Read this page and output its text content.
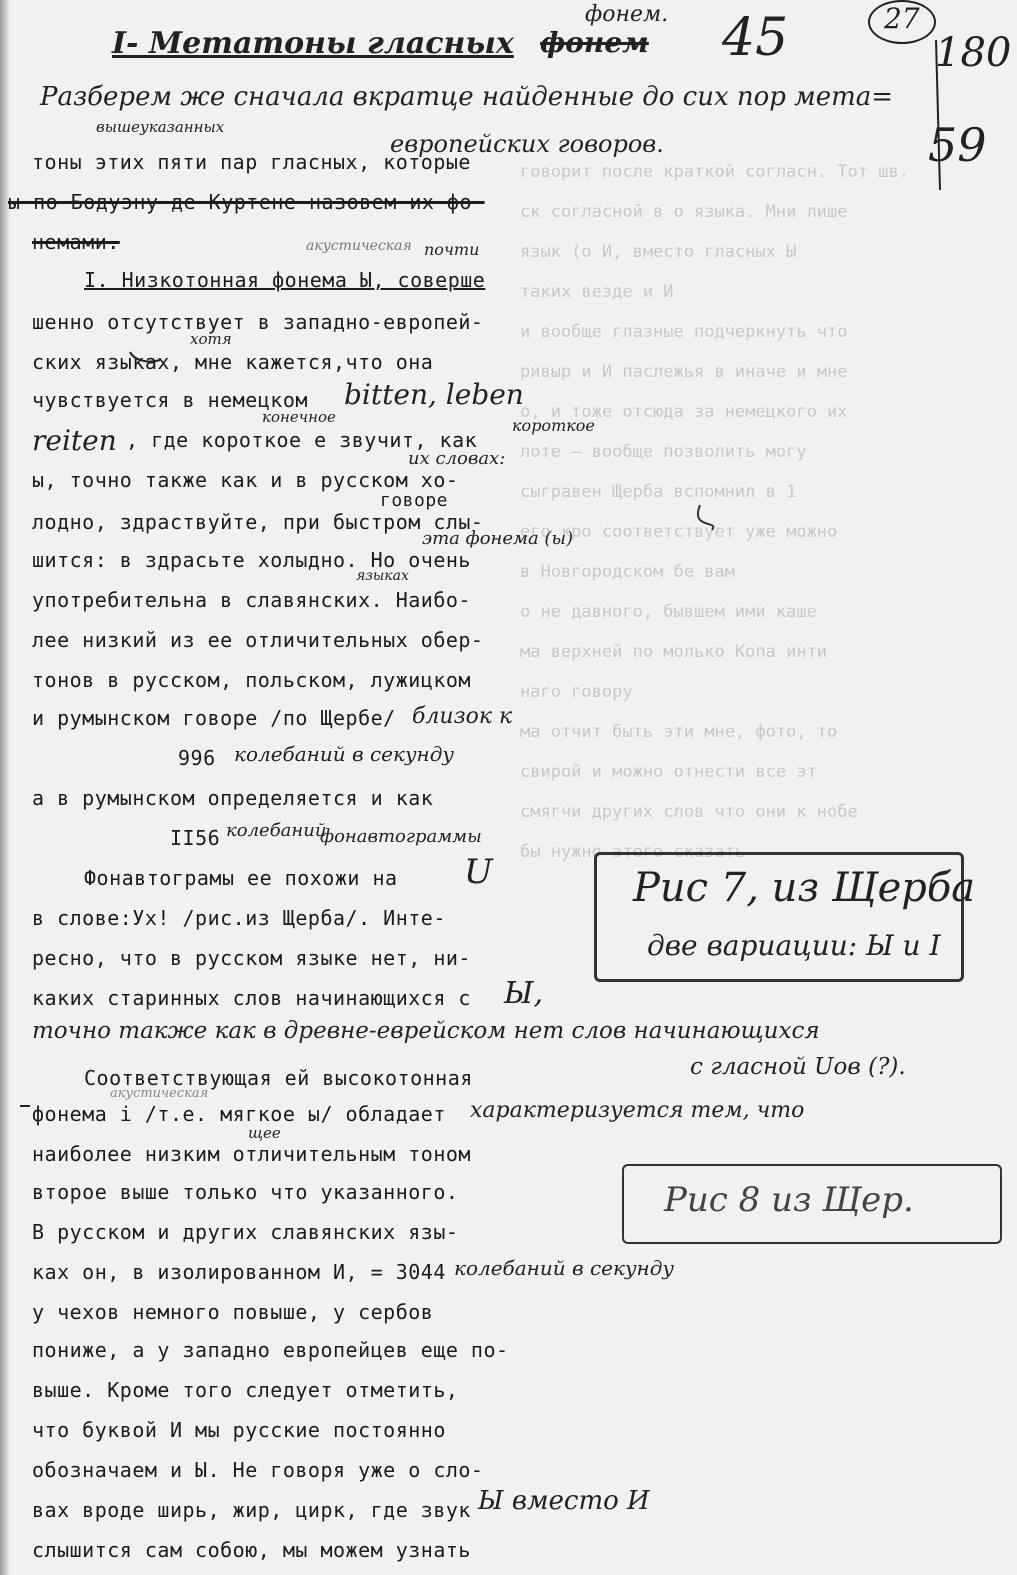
говорит после краткой согласн. Тот шв.
ск согласной в о языка. Мни лише
язык (о И, вместо гласных Ы
таких везде и И
и вообще глазные подчеркнуть что
ривыр и И паслежья в иначе и мне
о, и тоже отсюда за немецкого их
лоте — вообще позволить могу
сыгравен Щерба вспомнил в 1
его кро соответствует уже можно
в Новгородском бе вам
о не давного, бывшем ими каше
ма верхней по молько Копа инти
наго говору
ма отчит быть эти мне, фото, то
свирой и можно отнести все эт
смягчи других слов что они к нобе
бы нужно этого сказать
45	27
180
59
I- Метатоны гласных фонем
фонем.
Разберем же сначала вкратце найденные до сих пор мета=
вышеуказанных
европейских говоров.
тоны этих пяти пар гласных, которые
ы по Бодуэну де Куртене назовем их фо-
немами.
I. Низкотонная фонема Ы, соверше
акустическая почти
шенно отсутствует в западно-европей-
хотя
ских языках, мне кажется,что она
чувствуется в немецком bitten, leben
reiten , где короткое е звучит, как
конечное	короткое
ы, точно также как и в русском хо-
их словах:
говоре
лодно, здраствуйте, при быстром слы-
шится: в здрасьте холыдно. Но очень
эта фонема (ы)
употребительна в славянских. Наибо-
языках
лее низкий из ее отличительных обер-
тонов в русском, польском, лужицком
и румынском говоре /по Щербе/ близок к
996 колебаний в секунду
а в румынском определяется и как
II56 колебаний
фонавтограммы
Фонавтограмы ее похожи на U
в слове:Ух! /рис.из Щерба/. Инте-
ресно, что в русском языке нет, ни-
каких старинных слов начинающихся с Ы,
точно также как в древне-еврейском нет слов начинающихся
с гласной Uов (?).
Соответствующая ей высокотонная
акустическая
фонема i /т.е. мягкое ы/ обладает характеризуется тем, что
щее
наиболее низким отличительным тоном
второе выше только что указанного.
В русском и других славянских язы-
ках он, в изолированном И, = 3044 колебаний в секунду
у чехов немного повыше, у сербов
пониже, а у западно европейцев еще по-
выше. Кроме того следует отметить,
что буквой И мы русские постоянно
обозначаем и Ы. Не говоря уже о сло-
вах вроде ширь, жир, цирк, где звук Ы вместо И
слышится сам собою, мы можем узнать
Рис 7, из Щерба
две вариации: Ы и I
Рис 8 из Щер.
